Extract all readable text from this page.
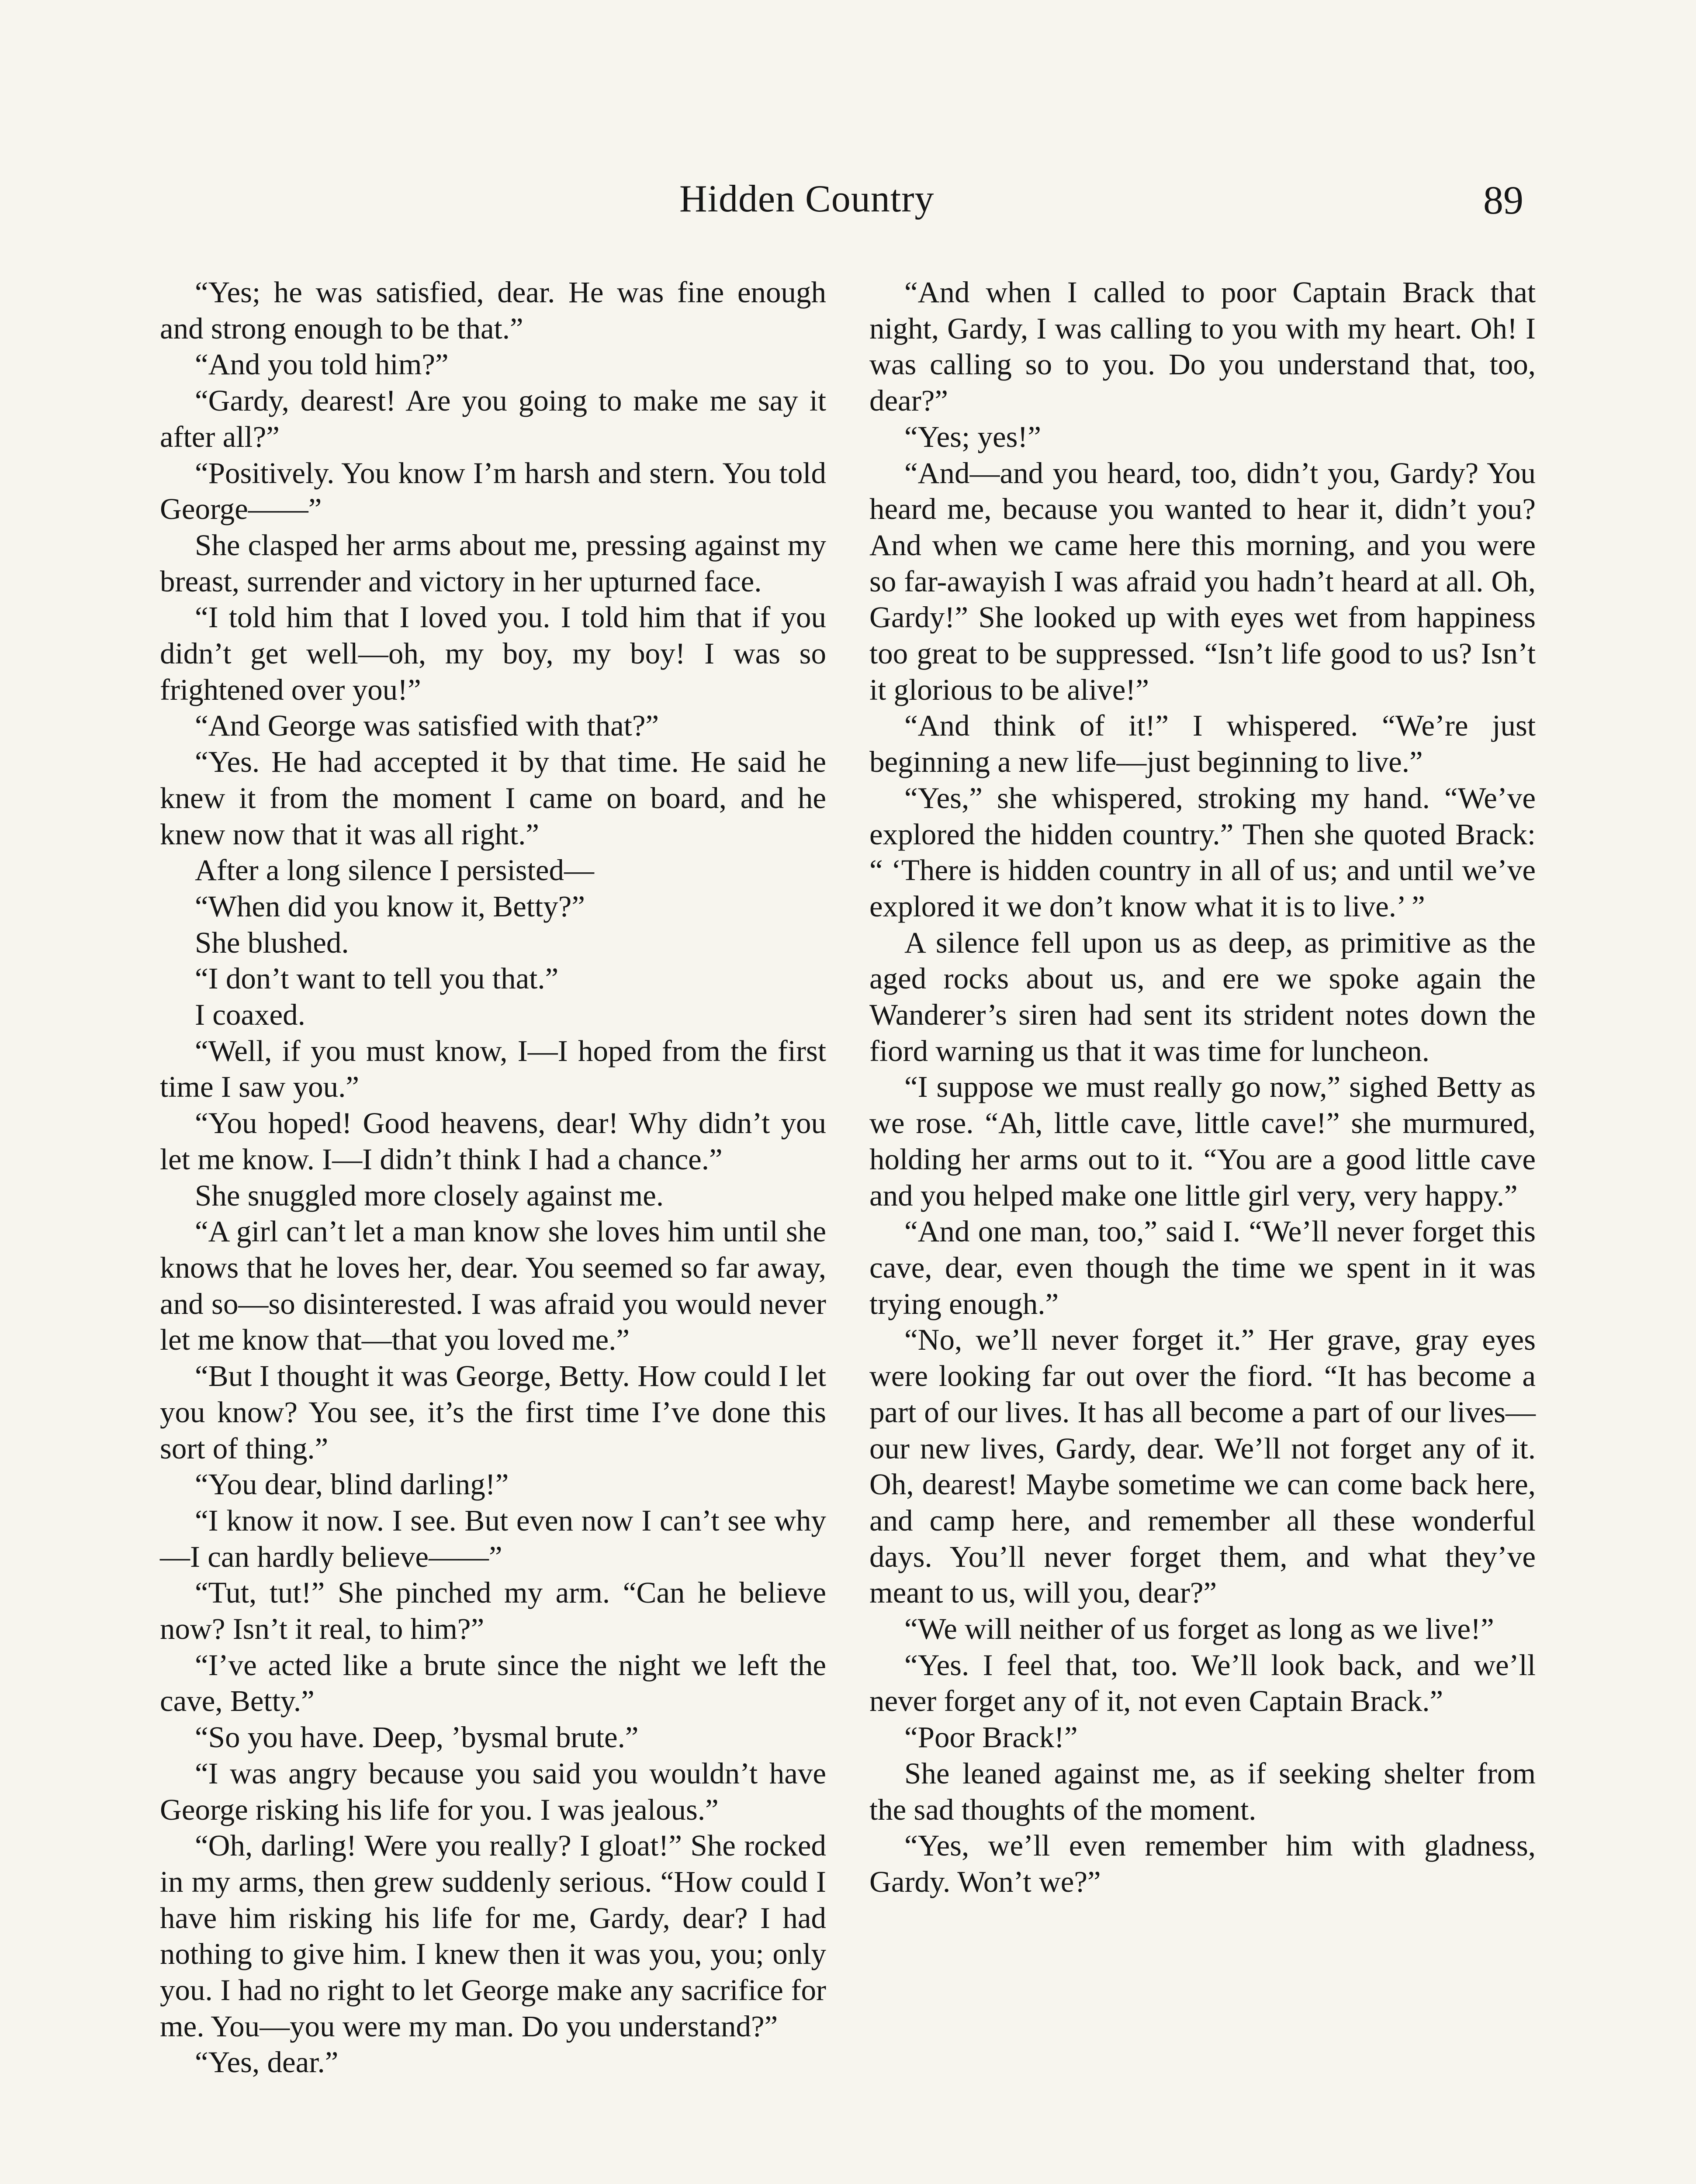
Hidden Country	89

“Yes; he was satisfied, dear. He was fine enough and strong enough to be that.”

“And you told him?”

“Gardy, dearest! Are you going to make me say it after all?”

“Positively. You know I’m harsh and stern. You told George——”

She clasped her arms about me, pressing against my breast, surrender and victory in her upturned face.

“I told him that I loved you. I told him that if you didn’t get well—oh, my boy, my boy! I was so frightened over you!”

“And George was satisfied with that?”

“Yes. He had accepted it by that time. He said he knew it from the moment I came on board, and he knew now that it was all right.”

After a long silence I persisted—

“When did you know it, Betty?”

She blushed.

“I don’t want to tell you that.”

I coaxed.

“Well, if you must know, I—I hoped from the first time I saw you.”

“You hoped! Good heavens, dear! Why didn’t you let me know. I—I didn’t think I had a chance.”

She snuggled more closely against me.

“A girl can’t let a man know she loves him until she knows that he loves her, dear. You seemed so far away, and so—so disinterested. I was afraid you would never let me know that—that you loved me.”

“But I thought it was George, Betty. How could I let you know? You see, it’s the first time I’ve done this sort of thing.”

“You dear, blind darling!”

“I know it now. I see. But even now I can’t see why—I can hardly believe——”

“Tut, tut!” She pinched my arm. “Can he believe now? Isn’t it real, to him?”

“I’ve acted like a brute since the night we left the cave, Betty.”

“So you have. Deep, ’bysmal brute.”

“I was angry because you said you wouldn’t have George risking his life for you. I was jealous.”

“Oh, darling! Were you really? I gloat!” She rocked in my arms, then grew suddenly serious. “How could I have him risking his life for me, Gardy, dear? I had nothing to give him. I knew then it was you, you; only you. I had no right to let George make any sacrifice for me. You—you were my man. Do you understand?”

“Yes, dear.”

“And when I called to poor Captain Brack that night, Gardy, I was calling to you with my heart. Oh! I was calling so to you. Do you understand that, too, dear?”

“Yes; yes!”

“And—and you heard, too, didn’t you, Gardy? You heard me, because you wanted to hear it, didn’t you? And when we came here this morning, and you were so far-awayish I was afraid you hadn’t heard at all. Oh, Gardy!” She looked up with eyes wet from happiness too great to be suppressed. “Isn’t life good to us? Isn’t it glorious to be alive!”

“And think of it!” I whispered. “We’re just beginning a new life—just beginning to live.”

“Yes,” she whispered, stroking my hand. “We’ve explored the hidden country.” Then she quoted Brack: “ ‘There is hidden country in all of us; and until we’ve explored it we don’t know what it is to live.’ ”

A silence fell upon us as deep, as primitive as the aged rocks about us, and ere we spoke again the Wanderer’s siren had sent its strident notes down the fiord warning us that it was time for luncheon.

“I suppose we must really go now,” sighed Betty as we rose. “Ah, little cave, little cave!” she murmured, holding her arms out to it. “You are a good little cave and you helped make one little girl very, very happy.”

“And one man, too,” said I. “We’ll never forget this cave, dear, even though the time we spent in it was trying enough.”

“No, we’ll never forget it.” Her grave, gray eyes were looking far out over the fiord. “It has become a part of our lives. It has all become a part of our lives—our new lives, Gardy, dear. We’ll not forget any of it. Oh, dearest! Maybe sometime we can come back here, and camp here, and remember all these wonderful days. You’ll never forget them, and what they’ve meant to us, will you, dear?”

“We will neither of us forget as long as we live!”

“Yes. I feel that, too. We’ll look back, and we’ll never forget any of it, not even Captain Brack.”

“Poor Brack!”

She leaned against me, as if seeking shelter from the sad thoughts of the moment.

“Yes, we’ll even remember him with gladness, Gardy. Won’t we?”
